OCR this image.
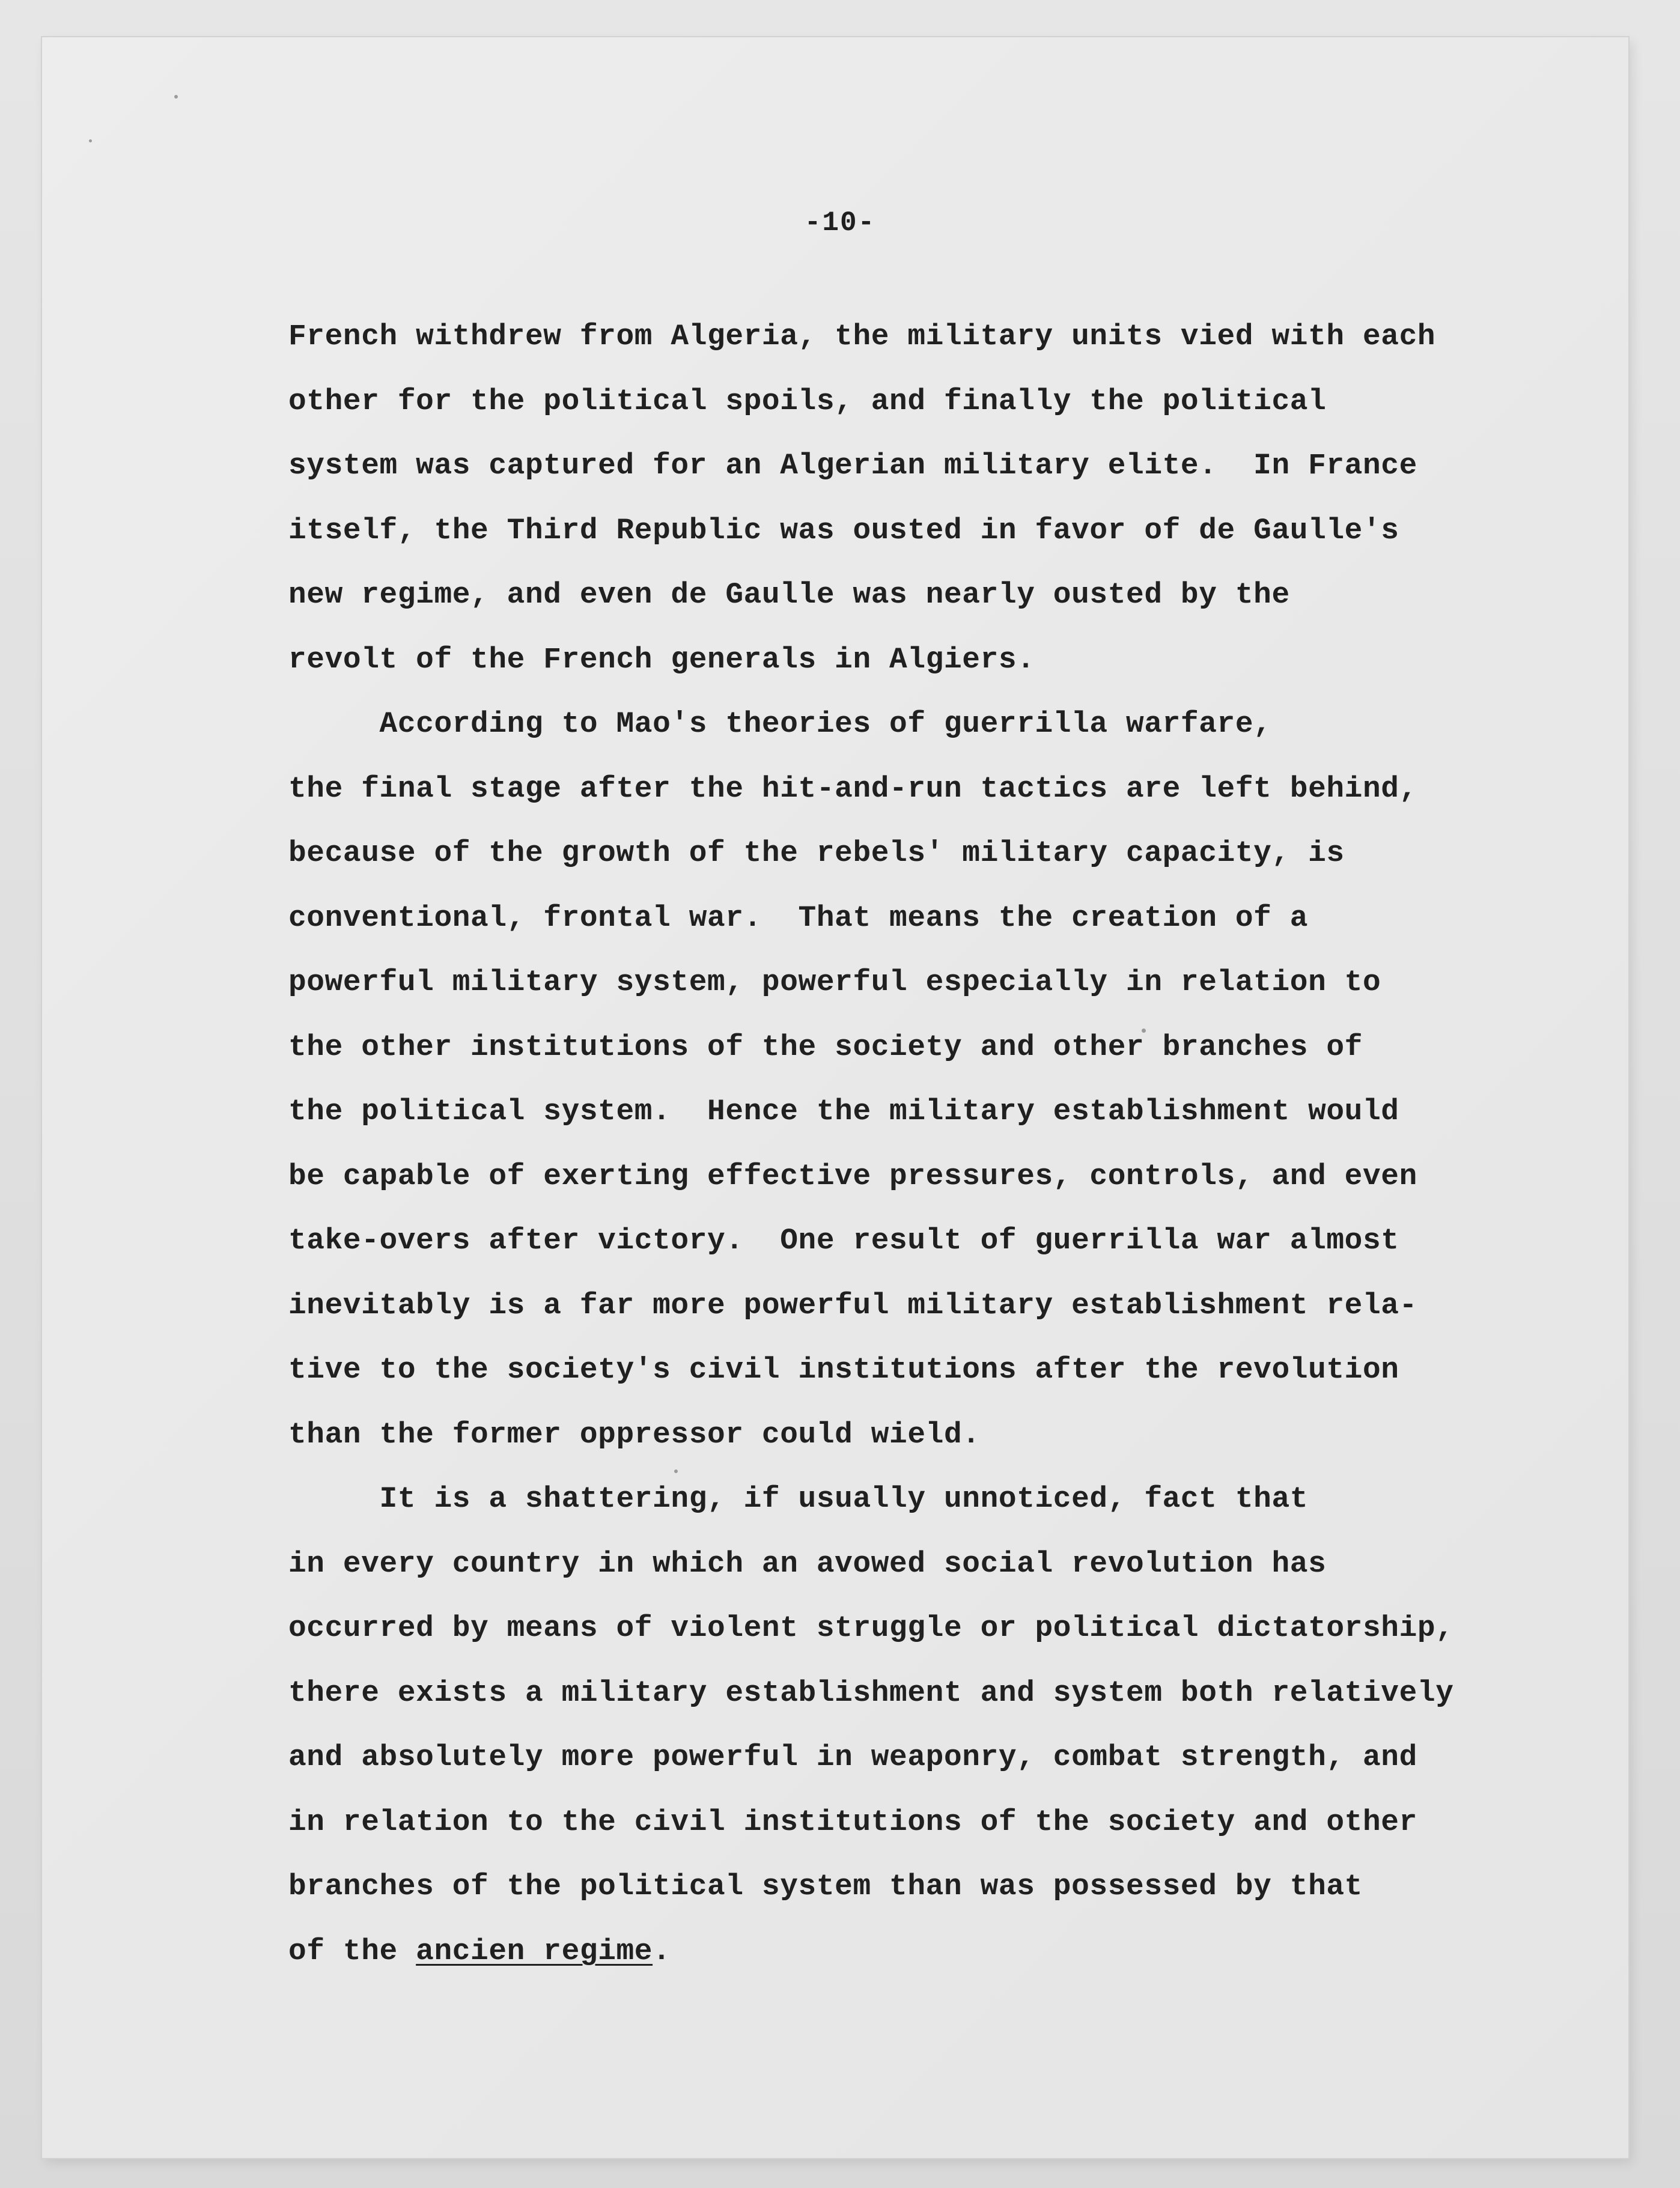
-10-
French withdrew from Algeria, the military units vied with each
other for the political spoils, and finally the political
system was captured for an Algerian military elite.  In France
itself, the Third Republic was ousted in favor of de Gaulle's
new regime, and even de Gaulle was nearly ousted by the
revolt of the French generals in Algiers.
According to Mao's theories of guerrilla warfare,
the final stage after the hit-and-run tactics are left behind,
because of the growth of the rebels' military capacity, is
conventional, frontal war.  That means the creation of a
powerful military system, powerful especially in relation to
the other institutions of the society and other branches of
the political system.  Hence the military establishment would
be capable of exerting effective pressures, controls, and even
take-overs after victory.  One result of guerrilla war almost
inevitably is a far more powerful military establishment rela-
tive to the society's civil institutions after the revolution
than the former oppressor could wield.
It is a shattering, if usually unnoticed, fact that
in every country in which an avowed social revolution has
occurred by means of violent struggle or political dictatorship,
there exists a military establishment and system both relatively
and absolutely more powerful in weaponry, combat strength, and
in relation to the civil institutions of the society and other
branches of the political system than was possessed by that
of the ancien regime.
